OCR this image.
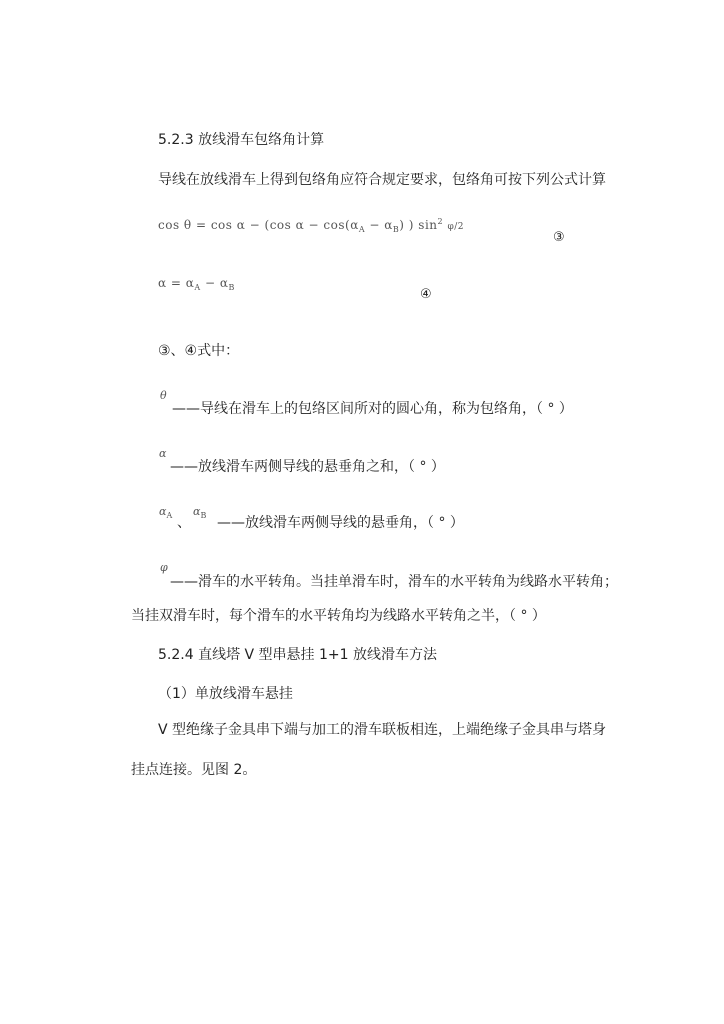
5.2.3 放线滑车包络角计算
导线在放线滑车上得到包络角应符合规定要求，包络角可按下列公式计算
cos θ = cos α − (cos $\alpha - \cos(\alpha_A - \alpha_B)$ ) $\sin^2 \varphi/2$
③
$\alpha = \alpha_A - \alpha_B$	④
③、④式中：
θ
——导线在滑车上的包络区间所对的圆心角，称为包络角，（ ° ）
α
——放线滑车两侧导线的悬垂角之和，（ ° ）
$\alpha_A$ 、
$\alpha_B$ ——放线滑车两侧导线的悬垂角，（ ° ）
φ
——滑车的水平转角。当挂单滑车时，滑车的水平转角为线路水平转角；
当挂双滑车时，每个滑车的水平转角均为线路水平转角之半，（ ° ）
5.2.4 直线塔 V 型串悬挂 1+1 放线滑车方法
（1）单放线滑车悬挂
V 型绝缘子金具串下端与加工的滑车联板相连，上端绝缘子金具串与塔身
挂点连接。见图 2。
